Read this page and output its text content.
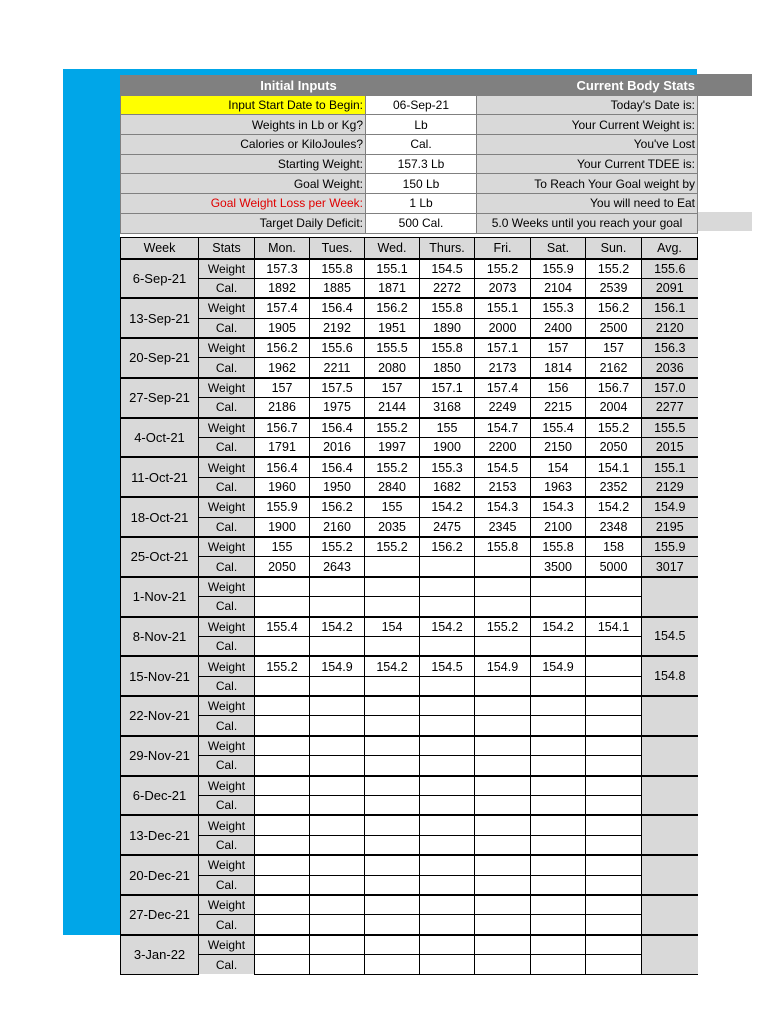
Initial Inputs		Current Body Stats
Input Start Date to Begin:	06-Sep-21	Today's Date is:
Weights in Lb or Kg?	Lb	Your Current Weight is:
Calories or KiloJoules?	Cal.	You've Lost
Starting Weight:	157.3 Lb	Your Current TDEE is:
Goal Weight:	150 Lb	To Reach Your Goal weight by
Goal Weight Loss per Week:	1 Lb	You will need to Eat
Target Daily Deficit:	500 Cal.	5.0 Weeks until you reach your goal
Week	Stats	Mon.	Tues.	Wed.	Thurs.	Fri.	Sat.	Sun.	Avg.
6-Sep-21	Weight	157.3	155.8	155.1	154.5	155.2	155.9	155.2	155.6
	Cal.	1892	1885	1871	2272	2073	2104	2539	2091
13-Sep-21	Weight	157.4	156.4	156.2	155.8	155.1	155.3	156.2	156.1
	Cal.	1905	2192	1951	1890	2000	2400	2500	2120
20-Sep-21	Weight	156.2	155.6	155.5	155.8	157.1	157	157	156.3
	Cal.	1962	2211	2080	1850	2173	1814	2162	2036
27-Sep-21	Weight	157	157.5	157	157.1	157.4	156	156.7	157.0
	Cal.	2186	1975	2144	3168	2249	2215	2004	2277
4-Oct-21	Weight	156.7	156.4	155.2	155	154.7	155.4	155.2	155.5
	Cal.	1791	2016	1997	1900	2200	2150	2050	2015
11-Oct-21	Weight	156.4	156.4	155.2	155.3	154.5	154	154.1	155.1
	Cal.	1960	1950	2840	1682	2153	1963	2352	2129
18-Oct-21	Weight	155.9	156.2	155	154.2	154.3	154.3	154.2	154.9
	Cal.	1900	2160	2035	2475	2345	2100	2348	2195
25-Oct-21	Weight	155	155.2	155.2	156.2	155.8	155.8	158	155.9
	Cal.	2050	2643				3500	5000	3017
1-Nov-21	Weight								
	Cal.								
8-Nov-21	Weight	155.4	154.2	154	154.2	155.2	154.2	154.1	154.5
	Cal.								
15-Nov-21	Weight	155.2	154.9	154.2	154.5	154.9	154.9		154.8
	Cal.								
22-Nov-21	Weight								
	Cal.								
29-Nov-21	Weight								
	Cal.								
6-Dec-21	Weight								
	Cal.								
13-Dec-21	Weight								
	Cal.								
20-Dec-21	Weight								
	Cal.								
27-Dec-21	Weight								
	Cal.								
3-Jan-22	Weight								
	Cal.								
